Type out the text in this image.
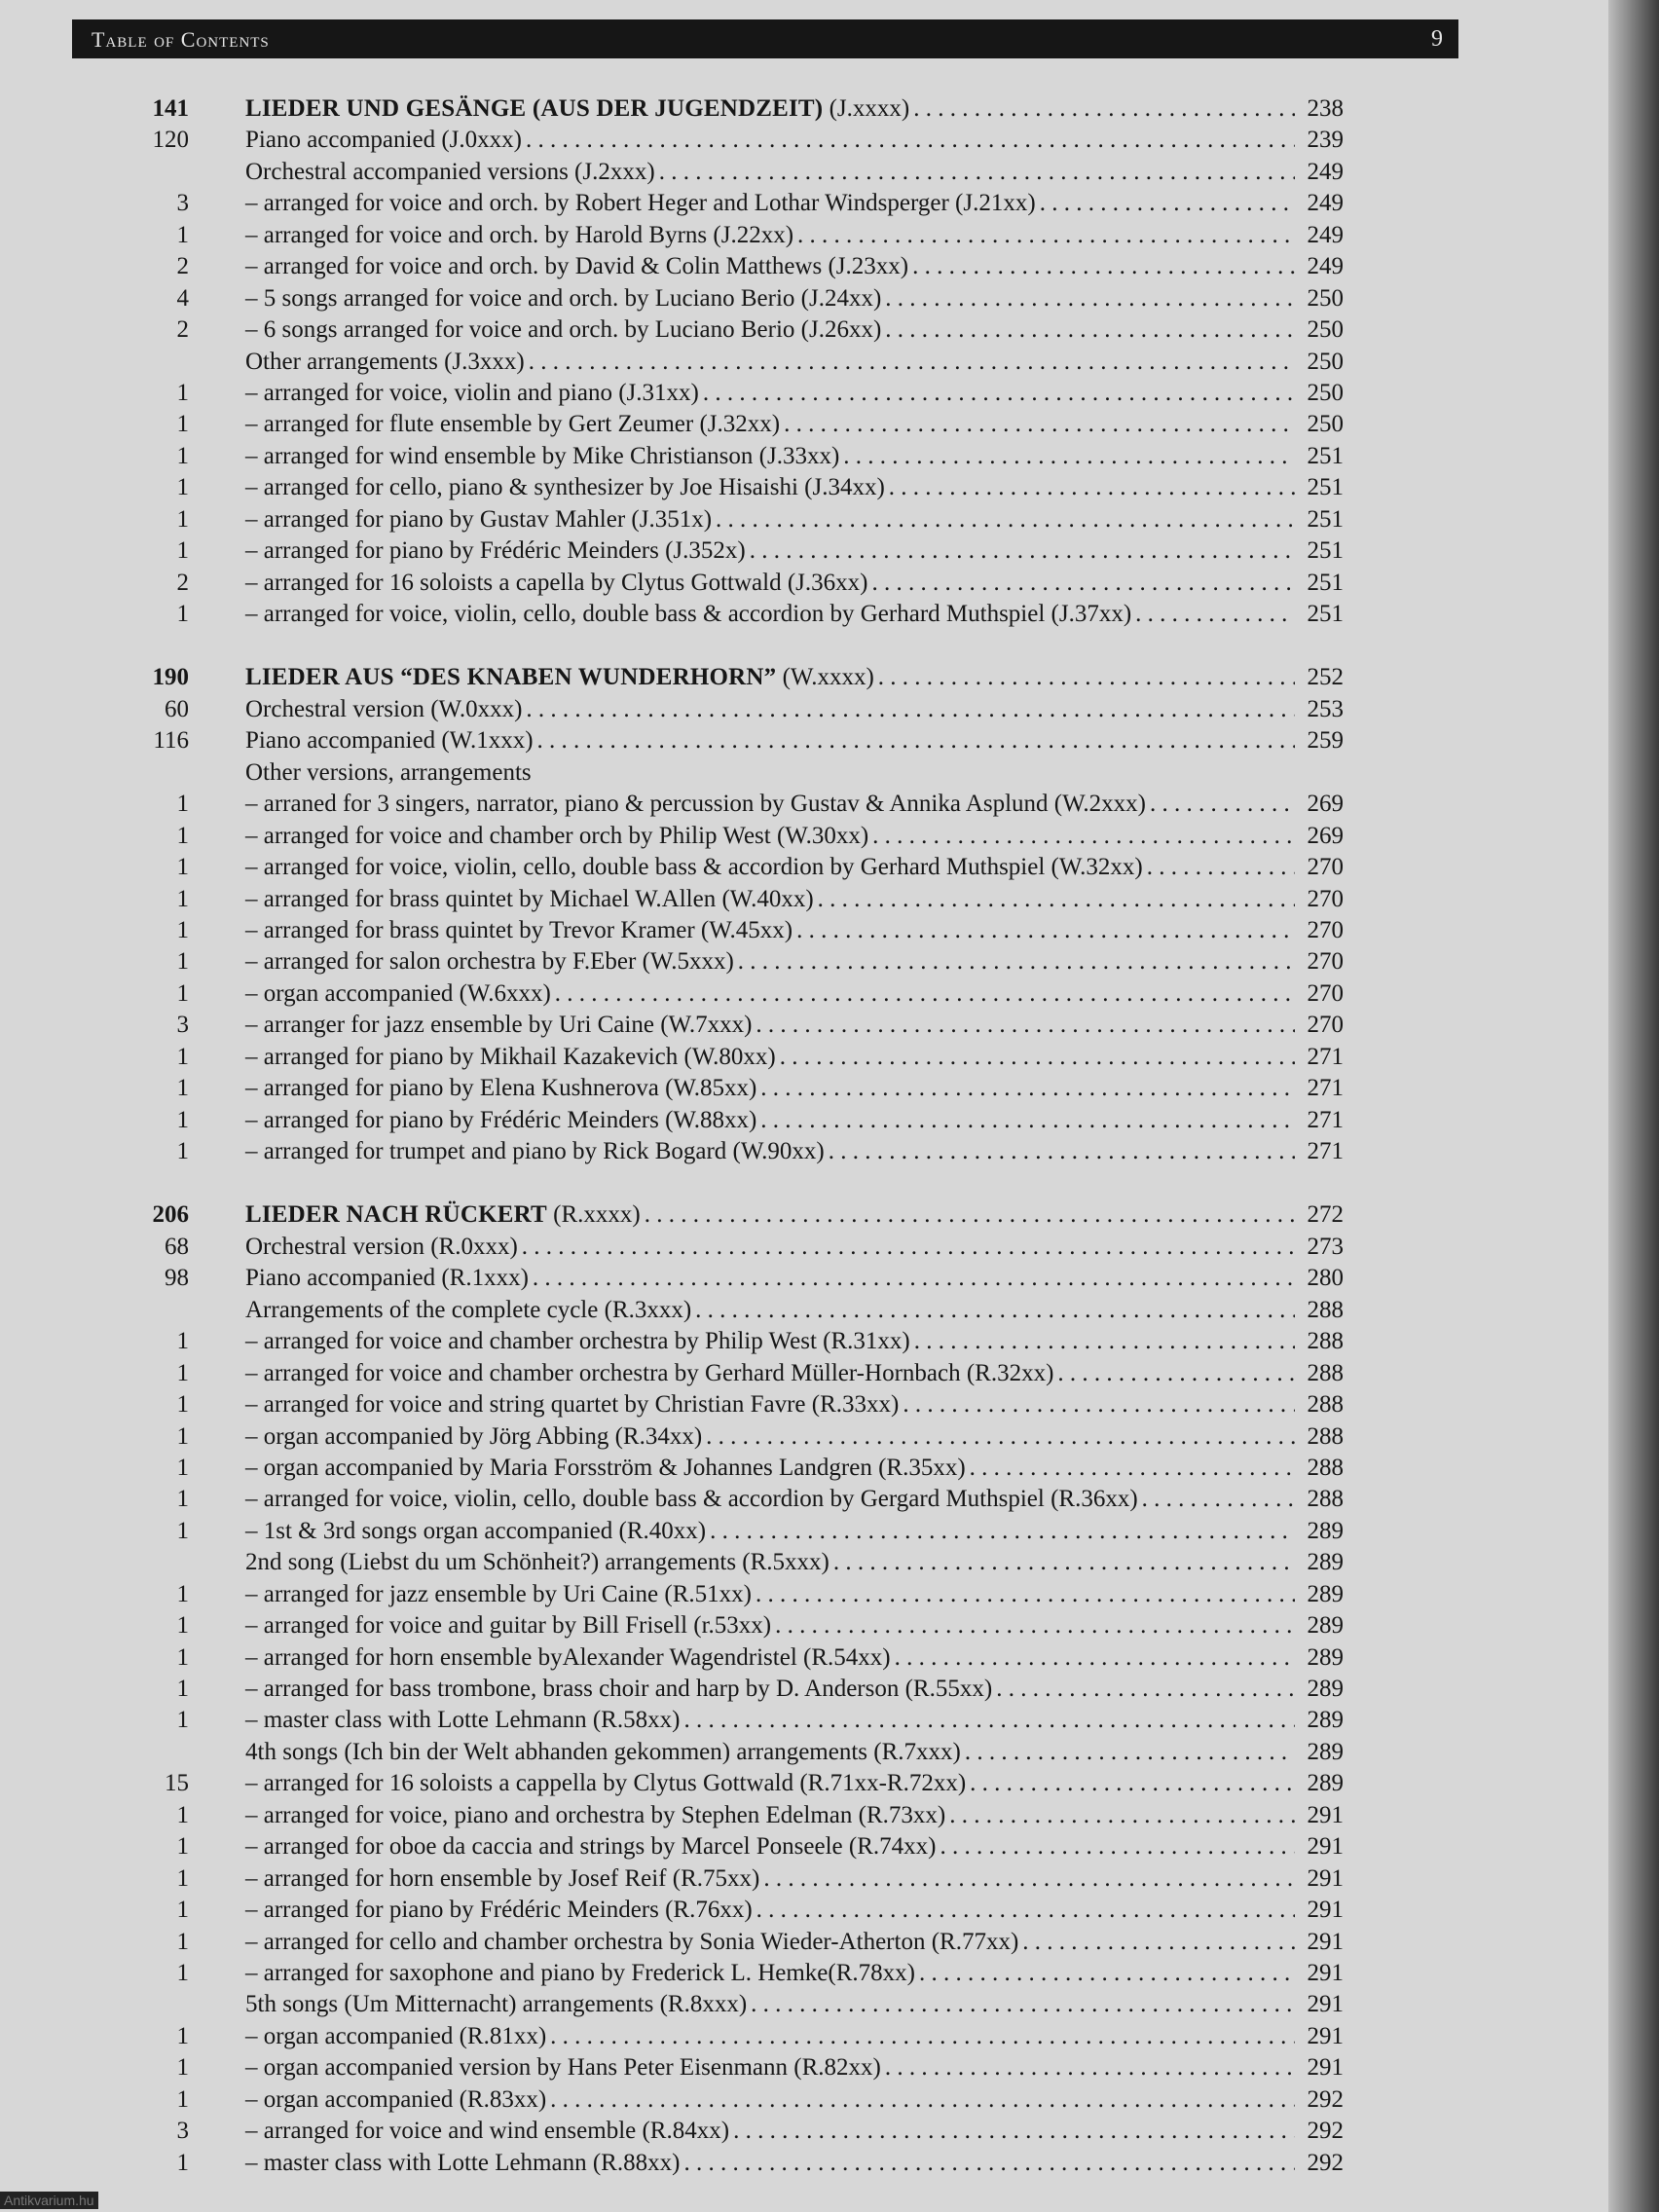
Table of Contents	9
141 LIEDER UND GESÄNGE (AUS DER JUGENDZEIT) (J.xxxx) . . .	238
120 Piano accompanied (J.0xxx) . . .	239
Orchestral accompanied versions (J.2xxx) . . .	249
3 – arranged for voice and orch. by Robert Heger and Lothar Windsperger (J.21xx) . . .	249
1 – arranged for voice and orch. by Harold Byrns (J.22xx) . . .	249
2 – arranged for voice and orch. by David & Colin Matthews (J.23xx) . . .	249
4 – 5 songs arranged for voice and orch. by Luciano Berio (J.24xx) . . .	250
2 – 6 songs arranged for voice and orch. by Luciano Berio (J.26xx) . . .	250
Other arrangements (J.3xxx) . . .	250
1 – arranged for voice, violin and piano (J.31xx) . . .	250
1 – arranged for flute ensemble by Gert Zeumer (J.32xx) . . .	250
1 – arranged for wind ensemble by Mike Christianson (J.33xx) . . .	251
1 – arranged for cello, piano & synthesizer by Joe Hisaishi (J.34xx) . . .	251
1 – arranged for piano by Gustav Mahler (J.351x) . . .	251
1 – arranged for piano by Frédéric Meinders (J.352x) . . .	251
2 – arranged for 16 soloists a capella by Clytus Gottwald (J.36xx) . . .	251
1 – arranged for voice, violin, cello, double bass & accordion by Gerhard Muthspiel (J.37xx) . . .	251
190 LIEDER AUS “DES KNABEN WUNDERHORN” (W.xxxx) . . .	252
60 Orchestral version (W.0xxx) . . .	253
116 Piano accompanied (W.1xxx) . . .	259
Other versions, arrangements
1 – arraned for 3 singers, narrator, piano & percussion by Gustav & Annika Asplund (W.2xxx) . . .	269
1 – arranged for voice and chamber orch by Philip West (W.30xx) . . .	269
1 – arranged for voice, violin, cello, double bass & accordion by Gerhard Muthspiel (W.32xx) . . .	270
1 – arranged for brass quintet by Michael W.Allen (W.40xx) . . .	270
1 – arranged for brass quintet by Trevor Kramer (W.45xx) . . .	270
1 – arranged for salon orchestra by F.Eber (W.5xxx) . . .	270
1 – organ accompanied (W.6xxx) . . .	270
3 – arranger for jazz ensemble by Uri Caine (W.7xxx) . . .	270
1 – arranged for piano by Mikhail Kazakevich (W.80xx) . . .	271
1 – arranged for piano by Elena Kushnerova (W.85xx) . . .	271
1 – arranged for piano by Frédéric Meinders (W.88xx) . . .	271
1 – arranged for trumpet and piano by Rick Bogard (W.90xx) . . .	271
206 LIEDER NACH RÜCKERT (R.xxxx) . . .	272
68 Orchestral version (R.0xxx) . . .	273
98 Piano accompanied (R.1xxx) . . .	280
Arrangements of the complete cycle (R.3xxx) . . .	288
1 – arranged for voice and chamber orchestra by Philip West (R.31xx) . . .	288
1 – arranged for voice and chamber orchestra by Gerhard Müller-Hornbach (R.32xx) . . .	288
1 – arranged for voice and string quartet by Christian Favre (R.33xx) . . .	288
1 – organ accompanied by Jörg Abbing (R.34xx) . . .	288
1 – organ accompanied by Maria Forsström & Johannes Landgren (R.35xx) . . .	288
1 – arranged for voice, violin, cello, double bass & accordion by Gergard Muthspiel (R.36xx) . . .	288
1 – 1st & 3rd songs organ accompanied (R.40xx) . . .	289
2nd song (Liebst du um Schönheit?) arrangements (R.5xxx) . . .	289
1 – arranged for jazz ensemble by Uri Caine (R.51xx) . . .	289
1 – arranged for voice and guitar by Bill Frisell (r.53xx) . . .	289
1 – arranged for horn ensemble byAlexander Wagendristel (R.54xx) . . .	289
1 – arranged for bass trombone, brass choir and harp by D. Anderson (R.55xx) . . .	289
1 – master class with Lotte Lehmann (R.58xx) . . .	289
4th songs (Ich bin der Welt abhanden gekommen) arrangements (R.7xxx) . . .	289
15 – arranged for 16 soloists a cappella by Clytus Gottwald (R.71xx-R.72xx) . . .	289
1 – arranged for voice, piano and orchestra by Stephen Edelman (R.73xx) . . .	291
1 – arranged for oboe da caccia and strings by Marcel Ponseele (R.74xx) . . .	291
1 – arranged for horn ensemble by Josef Reif (R.75xx) . . .	291
1 – arranged for piano by Frédéric Meinders (R.76xx) . . .	291
1 – arranged for cello and chamber orchestra by Sonia Wieder-Atherton (R.77xx) . . .	291
1 – arranged for saxophone and piano by Frederick L. Hemke(R.78xx) . . .	291
5th songs (Um Mitternacht) arrangements (R.8xxx) . . .	291
1 – organ accompanied (R.81xx) . . .	291
1 – organ accompanied version by Hans Peter Eisenmann (R.82xx) . . .	291
1 – organ accompanied (R.83xx) . . .	292
3 – arranged for voice and wind ensemble (R.84xx) . . .	292
1 – master class with Lotte Lehmann (R.88xx) . . .	292
Antikvarium.hu
